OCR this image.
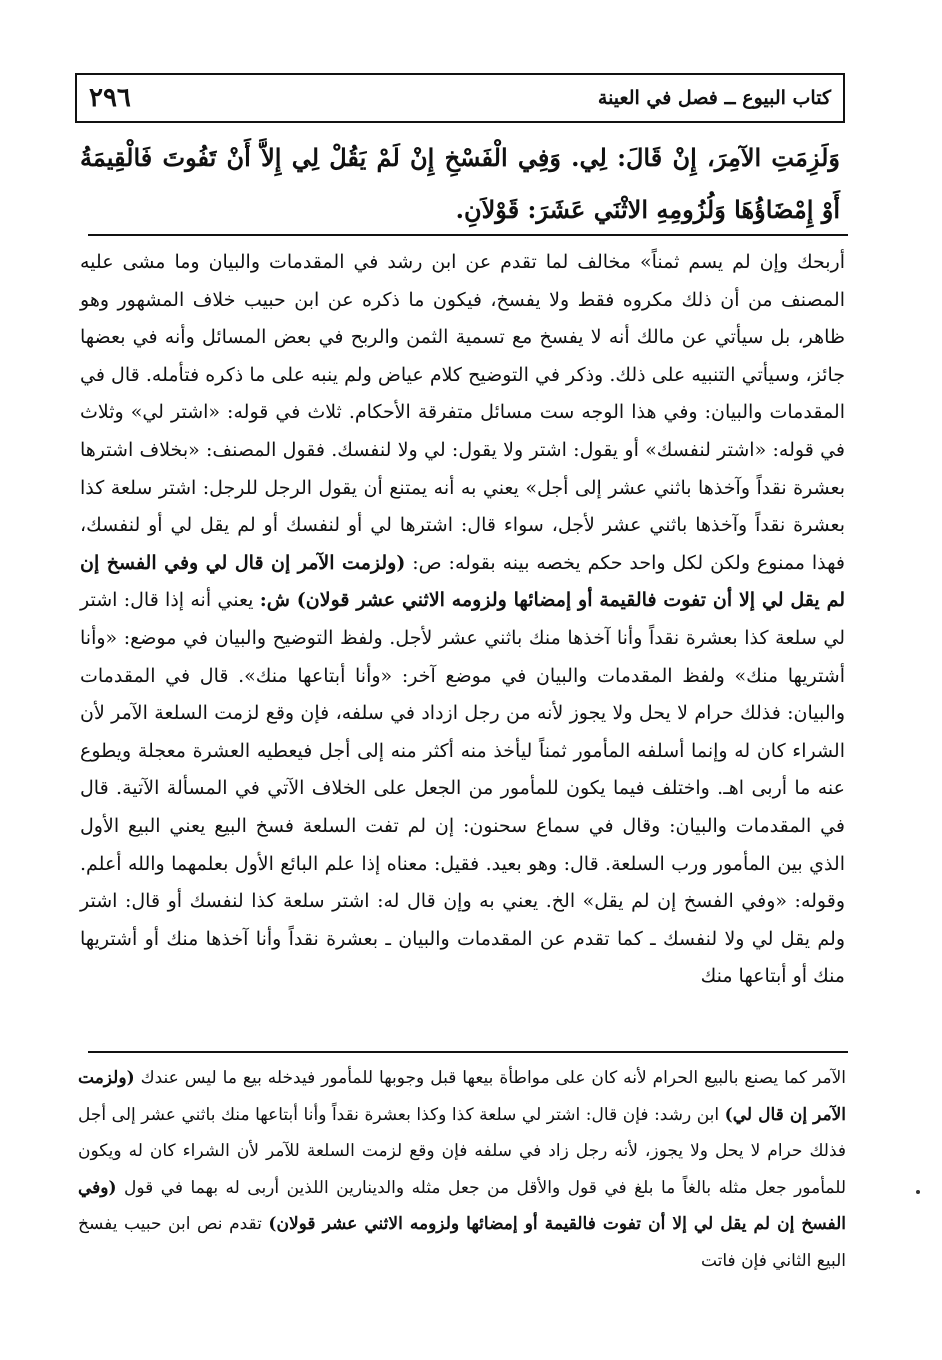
كتاب البيوع ــ فصل في العينة
٢٩٦

وَلَزِمَتِ الآمِرَ، إِنْ قَالَ: لِي. وَفِي الْفَسْخِ إِنْ لَمْ يَقُلْ لِي إِلاَّ أَنْ تَفُوتَ فَالْقِيمَةُ أَوْ إِمْضَاؤُهَا وَلُزُومِهِ الاثْنَي عَشَرَ: قَوْلاَنِ.

أربحك وإن لم يسم ثمناً» مخالف لما تقدم عن ابن رشد في المقدمات والبيان وما مشى عليه المصنف من أن ذلك مكروه فقط ولا يفسخ، فيكون ما ذكره عن ابن حبيب خلاف المشهور وهو ظاهر، بل سيأتي عن مالك أنه لا يفسخ مع تسمية الثمن والربح في بعض المسائل وأنه في بعضها جائز، وسيأتي التنبيه على ذلك. وذكر في التوضيح كلام عياض ولم ينبه على ما ذكره فتأمله. قال في المقدمات والبيان: وفي هذا الوجه ست مسائل متفرقة الأحكام. ثلاث في قوله: «اشتر لي» وثلاث في قوله: «اشتر لنفسك» أو يقول: اشتر ولا يقول: لي ولا لنفسك. فقول المصنف: «بخلاف اشترها بعشرة نقداً وآخذها باثني عشر إلى أجل» يعني به أنه يمتنع أن يقول الرجل للرجل: اشتر سلعة كذا بعشرة نقداً وآخذها باثني عشر لأجل، سواء قال: اشترها لي أو لنفسك أو لم يقل لي أو لنفسك، فهذا ممنوع ولكن لكل واحد حكم يخصه بينه بقوله: ص: (ولزمت الآمر إن قال لي وفي الفسخ إن لم يقل لي إلا أن تفوت فالقيمة أو إمضائها ولزومه الاثني عشر قولان) ش: يعني أنه إذا قال: اشتر لي سلعة كذا بعشرة نقداً وأنا آخذها منك باثني عشر لأجل. ولفظ التوضيح والبيان في موضع: «وأنا أشتريها منك» ولفظ المقدمات والبيان في موضع آخر: «وأنا أبتاعها منك». قال في المقدمات والبيان: فذلك حرام لا يحل ولا يجوز لأنه من رجل ازداد في سلفه، فإن وقع لزمت السلعة الآمر لأن الشراء كان له وإنما أسلفه المأمور ثمناً ليأخذ منه أكثر منه إلى أجل فيعطيه العشرة معجلة ويطوع عنه ما أربى اهـ. واختلف فيما يكون للمأمور من الجعل على الخلاف الآتي في المسألة الآتية. قال في المقدمات والبيان: وقال في سماع سحنون: إن لم تفت السلعة فسخ البيع يعني البيع الأول الذي بين المأمور ورب السلعة. قال: وهو بعيد. فقيل: معناه إذا علم البائع الأول بعلمهما والله أعلم. وقوله: «وفي الفسخ إن لم يقل» الخ. يعني به وإن قال له: اشتر سلعة كذا لنفسك أو قال: اشتر ولم يقل لي ولا لنفسك ـ كما تقدم عن المقدمات والبيان ـ بعشرة نقداً وأنا آخذها منك أو أشتريها منك أو أبتاعها منك

الآمر كما يصنع بالبيع الحرام لأنه كان على مواطأة بيعها قبل وجوبها للمأمور فيدخله بيع ما ليس عندك (ولزمت الآمر إن قال لي) ابن رشد: فإن قال: اشتر لي سلعة كذا وكذا بعشرة نقداً وأنا أبتاعها منك باثني عشر إلى أجل فذلك حرام لا يحل ولا يجوز، لأنه رجل زاد في سلفه فإن وقع لزمت السلعة للآمر لأن الشراء كان له ويكون للمأمور جعل مثله بالغاً ما بلغ في قول والأقل من جعل مثله والدينارين اللذين أربى له بهما في قول (وفي الفسخ إن لم يقل لي إلا أن تفوت فالقيمة أو إمضائها ولزومه الاثني عشر قولان) تقدم نص ابن حبيب يفسخ البيع الثاني فإن فاتت
